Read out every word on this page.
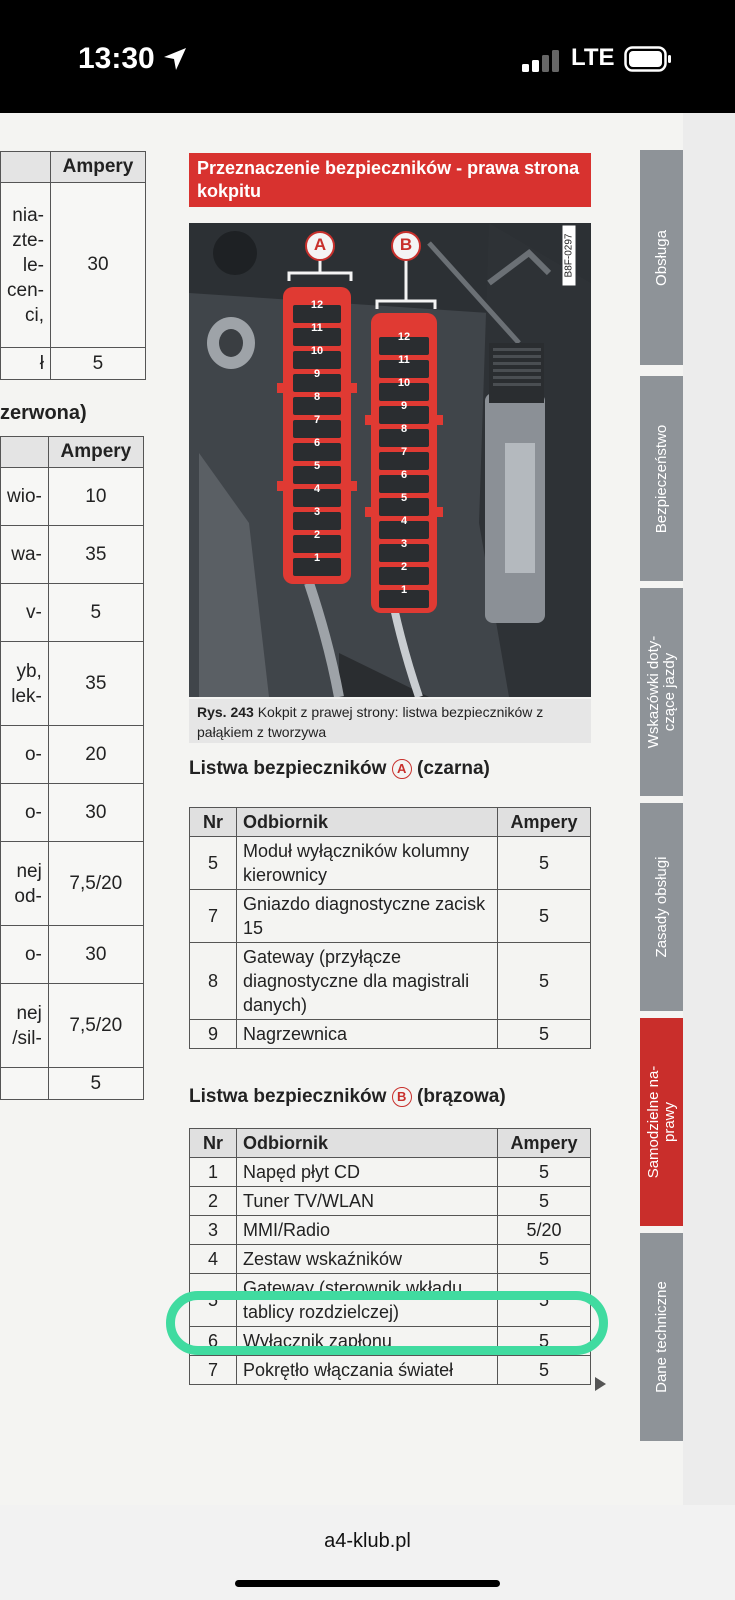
13:30	LTE
	Ampery

nia-
zte-
le-
cen-
ci,	30

ł	5
zerwona)
	Ampery

wio-	10

wa-	35

v-	5

yb,
lek-	35

o-	20

o-	30

nej
od-	7,5/20

o-	30

nej
/sil-	7,5/20

	5
Przeznaczenie bezpieczników - prawa strona kokpitu
A	B	B8F-0297
12
11
10
9
8
7
6
5
4
3
2
1
12
11
10
9
8
7
6
5
4
3
2
1
Rys. 243 Kokpit z prawej strony: listwa bezpieczników z pałąkiem z tworzywa
Listwa bezpieczników A (czarna)
Nr	Odbiornik	Ampery
5	Moduł wyłączników kolumny kierownicy	5
7	Gniazdo diagnostyczne zacisk 15	5
8	Gateway (przyłącze diagnostyczne dla magistrali danych)	5
9	Nagrzewnica	5
Listwa bezpieczników B (brązowa)
Nr	Odbiornik	Ampery
1	Napęd płyt CD	5
2	Tuner TV/WLAN	5
3	MMI/Radio	5/20
4	Zestaw wskaźników	5
5	Gateway (sterownik wkładu tablicy rozdzielczej)	5
6	Wyłącznik zapłonu	5
7	Pokrętło włączania świateł	5
Obsługa
Bezpieczeństwo
Wskazówki doty-
czące jazdy
Zasady obsługi
Samodzielne na-
prawy
Dane techniczne
a4-klub.pl
